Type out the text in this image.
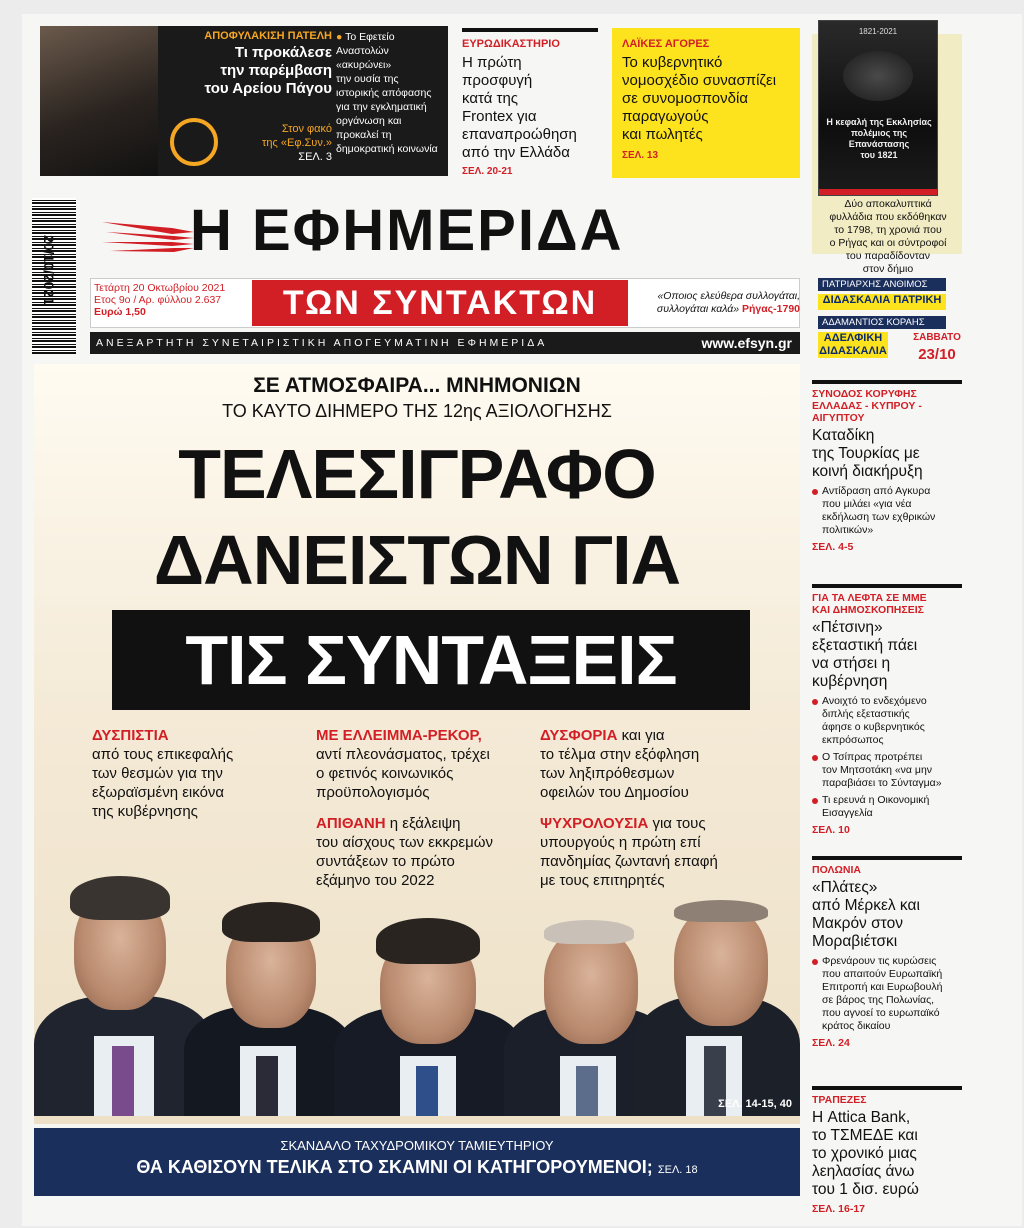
ΑΠΟΦΥΛΑΚΙΣΗ ΠΑΤΕΛΗ
Τι προκάλεσε
την παρέμβαση
του Αρείου Πάγου
Στον φακό
της «Εφ.Συν.»
ΣΕΛ. 3
● Το Εφετείο
Αναστολών
«ακυρώνει»
την ουσία της
ιστορικής απόφασης
για την εγκληματική
οργάνωση και
προκαλεί τη
δημοκρατική κοινωνία
ΕΥΡΩΔΙΚΑΣΤΗΡΙΟ
Η πρώτη
προσφυγή
κατά της
Frontex για
επαναπροώθηση
από την Ελλάδα
ΣΕΛ. 20-21
ΛΑΪΚΕΣ ΑΓΟΡΕΣ
Το κυβερνητικό
νομοσχέδιο συνασπίζει
σε συνομοσπονδία
παραγωγούς
και πωλητές
ΣΕΛ. 13
1821-2021
Η κεφαλή της Εκκλησίας
πολέμιος της Επανάστασης
του 1821
Δύο αποκαλυπτικά
φυλλάδια που εκδόθηκαν
το 1798, τη χρονιά που
ο Ρήγας και οι σύντροφοί
του παραδίδονταν
στον δήμιο
ΠΑΤΡΙΑΡΧΗΣ ΑΝΘΙΜΟΣ
ΔΙΔΑΣΚΑΛΙΑ ΠΑΤΡΙΚΗ
ΑΔΑΜΑΝΤΙΟΣ ΚΟΡΑΗΣ
ΑΔΕΛΦΙΚΗ
ΔΙΔΑΣΚΑΛΙΑ
ΣΑΒΒΑΤΟ
23/10
20/10/2021
Η ΕΦΗΜΕΡΙΔΑ
Τετάρτη 20 Οκτωβρίου 2021
Ετος 9ο / Αρ. φύλλου 2.637
Ευρώ 1,50	ΤΩΝ ΣΥΝΤΑΚΤΩΝ	«Οποιος ελεύθερα συλλογάται,
συλλογάται καλά» Ρήγας-1790
ΑΝΕΞΑΡΤΗΤΗ ΣΥΝΕΤΑΙΡΙΣΤΙΚΗ ΑΠΟΓΕΥΜΑΤΙΝΗ ΕΦΗΜΕΡΙΔΑ	www.efsyn.gr
ΣΕ ΑΤΜΟΣΦΑΙΡΑ... ΜΝΗΜΟΝΙΩΝ
ΤΟ ΚΑΥΤΟ ΔΙΗΜΕΡΟ ΤΗΣ 12ης ΑΞΙΟΛΟΓΗΣΗΣ
ΤΕΛΕΣΙΓΡΑΦΟ
ΔΑΝΕΙΣΤΩΝ ΓΙΑ
ΤΙΣ ΣΥΝΤΑΞΕΙΣ
ΔΥΣΠΙΣΤΙΑ
από τους επικεφαλής
των θεσμών για την
εξωραϊσμένη εικόνα
της κυβέρνησης
ΜΕ ΕΛΛΕΙΜΜΑ-ΡΕΚΟΡ,
αντί πλεονάσματος, τρέχει
ο φετινός κοινωνικός
προϋπολογισμός
ΑΠΙΘΑΝΗ η εξάλειψη
του αίσχους των εκκρεμών
συντάξεων το πρώτο
εξάμηνο του 2022
ΔΥΣΦΟΡΙΑ και για
το τέλμα στην εξόφληση
των ληξιπρόθεσμων
οφειλών του Δημοσίου
ΨΥΧΡΟΛΟΥΣΙΑ για τους
υπουργούς η πρώτη επί
πανδημίας ζωντανή επαφή
με τους επιτηρητές
ΣΕΛ. 14-15, 40
ΣΚΑΝΔΑΛΟ ΤΑΧΥΔΡΟΜΙΚΟΥ ΤΑΜΙΕΥΤΗΡΙΟΥ
ΘΑ ΚΑΘΙΣΟΥΝ ΤΕΛΙΚΑ ΣΤΟ ΣΚΑΜΝΙ ΟΙ ΚΑΤΗΓΟΡΟΥΜΕΝΟΙ; ΣΕΛ. 18
ΣΥΝΟΔΟΣ ΚΟΡΥΦΗΣ
ΕΛΛΑΔΑΣ - ΚΥΠΡΟΥ -
ΑΙΓΥΠΤΟΥ
Καταδίκη
της Τουρκίας με
κοινή διακήρυξη
Αντίδραση από Αγκυρα
που μιλάει «για νέα
εκδήλωση των εχθρικών
πολιτικών»
ΣΕΛ. 4-5
ΓΙΑ ΤΑ ΛΕΦΤΑ ΣΕ ΜΜΕ
ΚΑΙ ΔΗΜΟΣΚΟΠΗΣΕΙΣ
«Πέτσινη»
εξεταστική πάει
να στήσει η
κυβέρνηση
Ανοιχτό το ενδεχόμενο
διπλής εξεταστικής
άφησε ο κυβερνητικός
εκπρόσωπος
Ο Τσίπρας προτρέπει
τον Μητσοτάκη «να μην
παραβιάσει το Σύνταγμα»
Τι ερευνά η Οικονομική
Εισαγγελία
ΣΕΛ. 10
ΠΟΛΩΝΙΑ
«Πλάτες»
από Μέρκελ και
Μακρόν στον
Μοραβιέτσκι
Φρενάρουν τις κυρώσεις
που απαιτούν Ευρωπαϊκή
Επιτροπή και Ευρωβουλή
σε βάρος της Πολωνίας,
που αγνοεί το ευρωπαϊκό
κράτος δικαίου
ΣΕΛ. 24
ΤΡΑΠΕΖΕΣ
Η Attica Bank,
το ΤΣΜΕΔΕ και
το χρονικό μιας
λεηλασίας άνω
του 1 δισ. ευρώ
ΣΕΛ. 16-17
